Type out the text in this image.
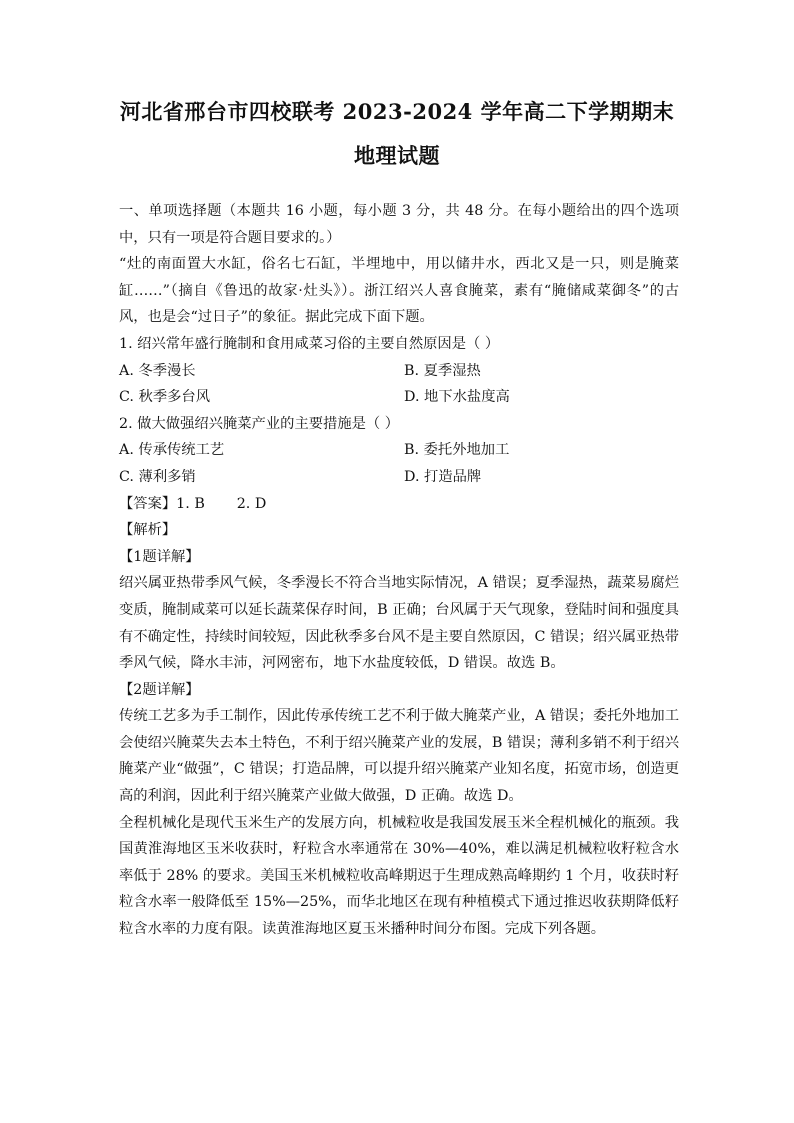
河北省邢台市四校联考 2023-2024 学年高二下学期期末
地理试题

一、单项选择题（本题共 16 小题，每小题 3 分，共 48 分。在每小题给出的四个选项中，只有一项是符合题目要求的。）

“灶的南面置大水缸，俗名七石缸，半埋地中，用以储井水，西北又是一只，则是腌菜缸……”（摘自《鲁迅的故家·灶头》）。浙江绍兴人喜食腌菜，素有“腌储咸菜御冬”的古风，也是会“过日子”的象征。据此完成下面下题。

1. 绍兴常年盛行腌制和食用咸菜习俗的主要自然原因是（ ）

A. 冬季漫长	B. 夏季湿热
C. 秋季多台风	D. 地下水盐度高

2. 做大做强绍兴腌菜产业的主要措施是（ ）

A. 传承传统工艺	B. 委托外地加工
C. 薄利多销	D. 打造品牌

【答案】1. B       2. D

【解析】

【1题详解】

绍兴属亚热带季风气候，冬季漫长不符合当地实际情况，A 错误；夏季湿热，蔬菜易腐烂变质，腌制咸菜可以延长蔬菜保存时间，B 正确；台风属于天气现象，登陆时间和强度具有不确定性，持续时间较短，因此秋季多台风不是主要自然原因，C 错误；绍兴属亚热带季风气候，降水丰沛，河网密布，地下水盐度较低，D 错误。故选 B。

【2题详解】

传统工艺多为手工制作，因此传承传统工艺不利于做大腌菜产业，A 错误；委托外地加工会使绍兴腌菜失去本土特色，不利于绍兴腌菜产业的发展，B 错误；薄利多销不利于绍兴腌菜产业“做强”，C 错误；打造品牌，可以提升绍兴腌菜产业知名度，拓宽市场，创造更高的利润，因此利于绍兴腌菜产业做大做强，D 正确。故选 D。

全程机械化是现代玉米生产的发展方向，机械粒收是我国发展玉米全程机械化的瓶颈。我国黄淮海地区玉米收获时，籽粒含水率通常在 30%—40%，难以满足机械粒收籽粒含水率低于 28% 的要求。美国玉米机械粒收高峰期迟于生理成熟高峰期约 1 个月，收获时籽粒含水率一般降低至 15%—25%，而华北地区在现有种植模式下通过推迟收获期降低籽粒含水率的力度有限。读黄淮海地区夏玉米播种时间分布图。完成下列各题。
